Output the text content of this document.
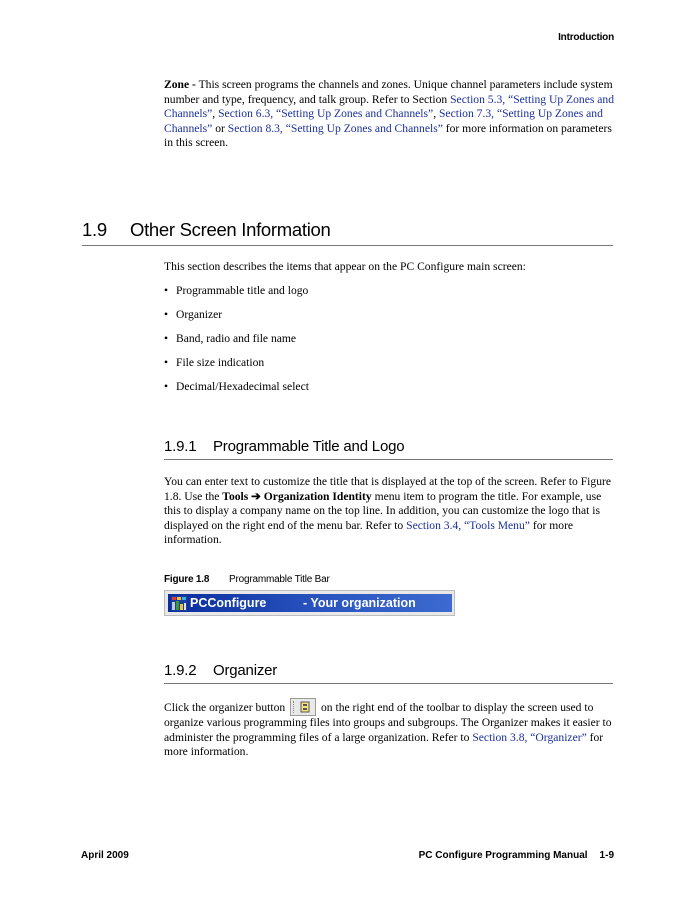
Introduction

Zone - This screen programs the channels and zones. Unique channel parameters include system number and type, frequency, and talk group. Refer to Section Section 5.3, “Setting Up Zones and Channels”, Section 6.3, “Setting Up Zones and Channels”, Section 7.3, “Setting Up Zones and Channels” or Section 8.3, “Setting Up Zones and Channels” for more information on parameters in this screen.

1.9 Other Screen Information

This section describes the items that appear on the PC Configure main screen:

• Programmable title and logo
• Organizer
• Band, radio and file name
• File size indication
• Decimal/Hexadecimal select
1.9.1 Programmable Title and Logo

You can enter text to customize the title that is displayed at the top of the screen. Refer to Figure 1.8. Use the Tools ➔ Organization Identity menu item to program the title. For example, use this to display a company name on the top line. In addition, you can customize the logo that is displayed on the right end of the menu bar. Refer to Section 3.4, “Tools Menu” for more information.

Figure 1.8 Programmable Title Bar
PCConfigure	- Your organization
1.9.2 Organizer

Click the organizer button	on the right end of the toolbar to display the screen used to organize various programming files into groups and subgroups. The Organizer makes it easier to administer the programming files of a large organization. Refer to Section 3.8, “Organizer” for more information.

April 2009	PC Configure Programming Manual 1-9
